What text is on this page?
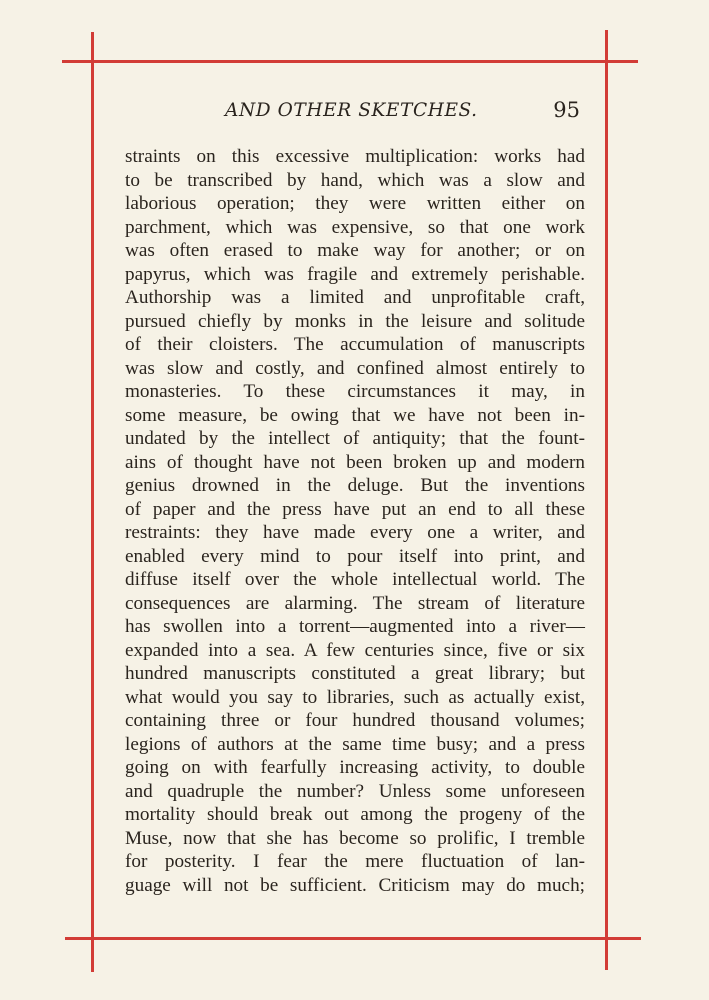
AND OTHER SKETCHES.	95
straints on this excessive multiplication: works had
to be transcribed by hand, which was a slow and
laborious operation; they were written either on
parchment, which was expensive, so that one work
was often erased to make way for another; or on
papyrus, which was fragile and extremely perishable.
Authorship was a limited and unprofitable craft,
pursued chiefly by monks in the leisure and solitude
of their cloisters. The accumulation of manuscripts
was slow and costly, and confined almost entirely to
monasteries. To these circumstances it may, in
some measure, be owing that we have not been in-
undated by the intellect of antiquity; that the fount-
ains of thought have not been broken up and modern
genius drowned in the deluge. But the inventions
of paper and the press have put an end to all these
restraints: they have made every one a writer, and
enabled every mind to pour itself into print, and
diffuse itself over the whole intellectual world. The
consequences are alarming. The stream of literature
has swollen into a torrent—augmented into a river—
expanded into a sea. A few centuries since, five or six
hundred manuscripts constituted a great library; but
what would you say to libraries, such as actually exist,
containing three or four hundred thousand volumes;
legions of authors at the same time busy; and a press
going on with fearfully increasing activity, to double
and quadruple the number? Unless some unforeseen
mortality should break out among the progeny of the
Muse, now that she has become so prolific, I tremble
for posterity. I fear the mere fluctuation of lan-
guage will not be sufficient. Criticism may do much;
